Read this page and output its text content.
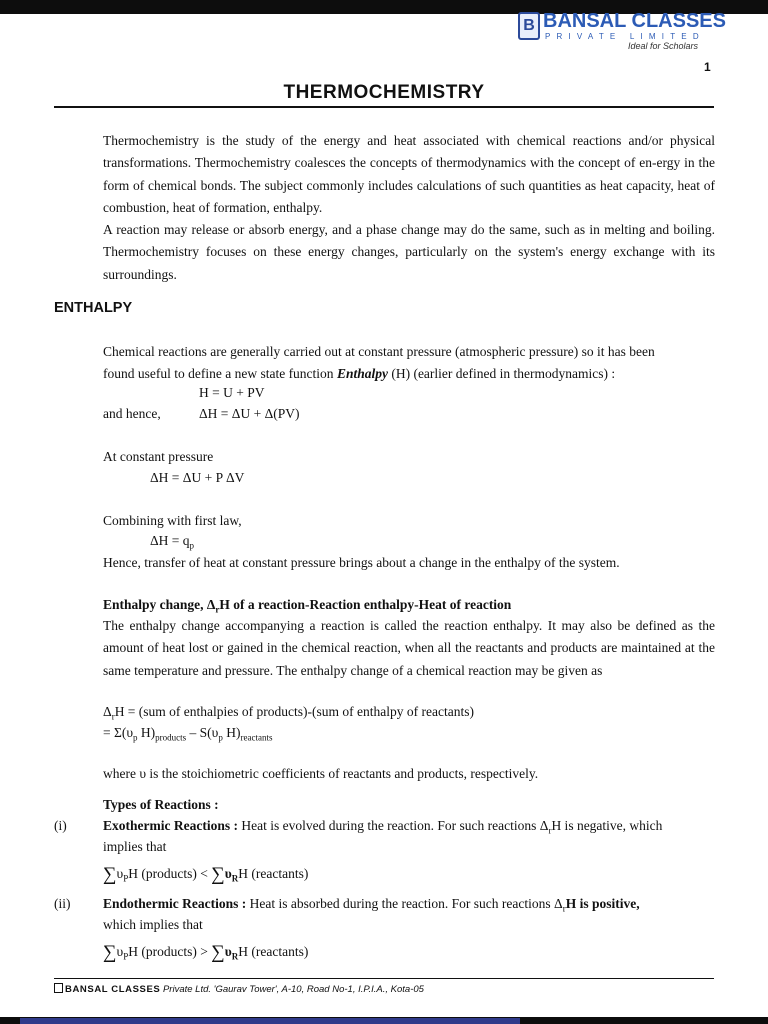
B BANSAL CLASSES
PRIVATE LIMITED
Ideal for Scholars
1
THERMOCHEMISTRY
Thermochemistry is the study of the energy and heat associated with chemical reactions and/or physical transformations. Thermochemistry coalesces the concepts of thermodynamics with the concept of en-ergy in the form of chemical bonds. The subject commonly includes calculations of such quantities as heat capacity, heat of combustion, heat of formation, enthalpy.
A reaction may release or absorb energy, and a phase change may do the same, such as in melting and boiling. Thermochemistry focuses on these energy changes, particularly on the system's energy exchange with its surroundings.
ENTHALPY
Chemical reactions are generally carried out at constant pressure (atmospheric pressure) so it has been
found useful to define a new state function Enthalpy (H) (earlier defined in thermodynamics) :
H = U + PV
and hence,	ΔH = ΔU + Δ(PV)
At constant pressure
ΔH = ΔU + P ΔV
Combining with first law,
$\Delta H = q_p$
Hence, transfer of heat at constant pressure brings about a change in the enthalpy of the system.
Enthalpy change, $\Delta_rH$ of a reaction-Reaction enthalpy-Heat of reaction
The enthalpy change accompanying a reaction is called the reaction enthalpy. It may also be defined as the amount of heat lost or gained in the chemical reaction, when all the reactants and products are maintained at the same temperature and pressure. The enthalpy change of a chemical reaction may be given as
$\Delta_rH = (sum$ of enthalpies of products)-(sum of enthalpy of reactants)
= $\Sigma(\upsilon_p$ $H)_{products} - S(\upsilon_p$ $H)_{reactants}$
where υ is the stoichiometric coefficients of reactants and products, respectively.
Types of Reactions :
(i)	Exothermic Reactions : Heat is evolved during the reaction. For such reactions $\Delta_rH$ is negative, which
implies that
$\sum\upsilon_PH$ (products) < $\sum\upsilon_RH$ (reactants)
(ii) Endothermic Reactions : Heat is absorbed during the reaction. For such reactions $\Delta_rH$ is positive,
which implies that
$\sum\upsilon_PH$ (products) > $\sum\upsilon_RH$ (reactants)
BANSAL CLASSES Private Ltd. 'Gaurav Tower', A-10, Road No-1, I.P.I.A., Kota-05
